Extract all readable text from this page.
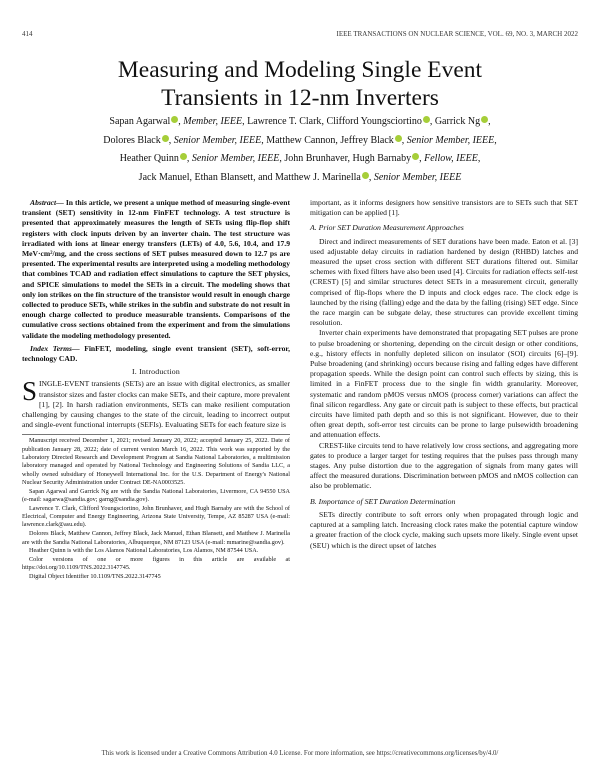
414	IEEE TRANSACTIONS ON NUCLEAR SCIENCE, VOL. 69, NO. 3, MARCH 2022
Measuring and Modeling Single Event
Transients in 12-nm Inverters
Sapan Agarwal , Member, IEEE, Lawrence T. Clark, Clifford Youngsciortino , Garrick Ng ,
Dolores Black , Senior Member, IEEE, Matthew Cannon, Jeffrey Black , Senior Member, IEEE,
Heather Quinn , Senior Member, IEEE, John Brunhaver, Hugh Barnaby , Fellow, IEEE,
Jack Manuel, Ethan Blansett, and Matthew J. Marinella , Senior Member, IEEE

Abstract— In this article, we present a unique method of measuring single-event transient (SET) sensitivity in 12-nm FinFET technology. A test structure is presented that approximately measures the length of SETs using flip-flop shift registers with clock inputs driven by an inverter chain. The test structure was irradiated with ions at linear energy transfers (LETs) of 4.0, 5.6, 10.4, and 17.9 MeV·cm²/mg, and the cross sections of SET pulses measured down to 12.7 ps are presented. The experimental results are interpreted using a modeling methodology that combines TCAD and radiation effect simulations to capture the SET physics, and SPICE simulations to model the SETs in a circuit. The modeling shows that only ion strikes on the fin structure of the transistor would result in enough charge collected to produce SETs, while strikes in the subfin and substrate do not result in enough charge collected to produce measurable transients. Comparisons of the cumulative cross sections obtained from the experiment and from the simulations validate the modeling methodology presented.

Index Terms— FinFET, modeling, single event transient (SET), soft-error, technology CAD.

I. Introduction

SINGLE-EVENT transients (SETs) are an issue with digital electronics, as smaller transistor sizes and faster clocks can make SETs, and their capture, more prevalent [1], [2]. In harsh radiation environments, SETs can make resilient computation challenging by causing changes to the state of the circuit, leading to incorrect output and single-event functional interrupts (SEFIs). Evaluating SETs for each feature size is

Manuscript received December 1, 2021; revised January 20, 2022; accepted January 25, 2022. Date of publication January 28, 2022; date of current version March 16, 2022. This work was supported by the Laboratory Directed Research and Development Program at Sandia National Laboratories, a multimission laboratory managed and operated by National Technology and Engineering Solutions of Sandia LLC, a wholly owned subsidiary of Honeywell International Inc. for the U.S. Department of Energy's National Nuclear Security Administration under Contract DE-NA0003525.

Sapan Agarwal and Garrick Ng are with the Sandia National Laboratories, Livermore, CA 94550 USA (e-mail: sagarwa@sandia.gov; garng@sandia.gov).

Lawrence T. Clark, Clifford Youngsciortino, John Brunhaver, and Hugh Barnaby are with the School of Electrical, Computer and Energy Engineering, Arizona State University, Tempe, AZ 85287 USA (e-mail: lawrence.clark@asu.edu).

Dolores Black, Matthew Cannon, Jeffrey Black, Jack Manuel, Ethan Blansett, and Matthew J. Marinella are with the Sandia National Laboratories, Albuquerque, NM 87123 USA (e-mail: mmarine@sandia.gov).

Heather Quinn is with the Los Alamos National Laboratories, Los Alamos, NM 87544 USA.

Color versions of one or more figures in this article are available at https://doi.org/10.1109/TNS.2022.3147745.

Digital Object Identifier 10.1109/TNS.2022.3147745

important, as it informs designers how sensitive transistors are to SETs such that SET mitigation can be applied [1].

A. Prior SET Duration Measurement Approaches

Direct and indirect measurements of SET durations have been made. Eaton et al. [3] used adjustable delay circuits in radiation hardened by design (RHBD) latches and measured the upset cross section with different SET durations filtered out. Similar schemes with fixed filters have also been used [4]. Circuits for radiation effects self-test (CREST) [5] and similar structures detect SETs in a measurement circuit, generally comprised of flip-flops where the D inputs and clock edges race. The clock edge is launched by the rising (falling) edge and the data by the falling (rising) SET edge. Since the race margin can be subgate delay, these structures can provide excellent timing resolution.

Inverter chain experiments have demonstrated that propagating SET pulses are prone to pulse broadening or shortening, depending on the circuit design or other conditions, e.g., history effects in nonfully depleted silicon on insulator (SOI) circuits [6]–[9]. Pulse broadening (and shrinking) occurs because rising and falling edges have different propagation speeds. While the design point can control such effects by sizing, this is limited in a FinFET process due to the single fin width granularity. Moreover, systematic and random pMOS versus nMOS (process corner) variations can affect the final silicon regardless. Any gate or circuit path is subject to these effects, but practical circuits have limited path depth and so this is not significant. However, due to their often great depth, soft-error test circuits can be prone to large pulsewidth broadening and attenuation effects.

CREST-like circuits tend to have relatively low cross sections, and aggregating more gates to produce a larger target for testing requires that the pulses pass through many stages. Any pulse distortion due to the aggregation of signals from many gates will affect the measured durations. Discrimination between pMOS and nMOS collection can also be problematic.

B. Importance of SET Duration Determination

SETs directly contribute to soft errors only when propagated through logic and captured at a sampling latch. Increasing clock rates make the potential capture window a greater fraction of the clock cycle, making such upsets more likely. Single event upset (SEU) which is the direct upset of latches

This work is licensed under a Creative Commons Attribution 4.0 License. For more information, see https://creativecommons.org/licenses/by/4.0/
